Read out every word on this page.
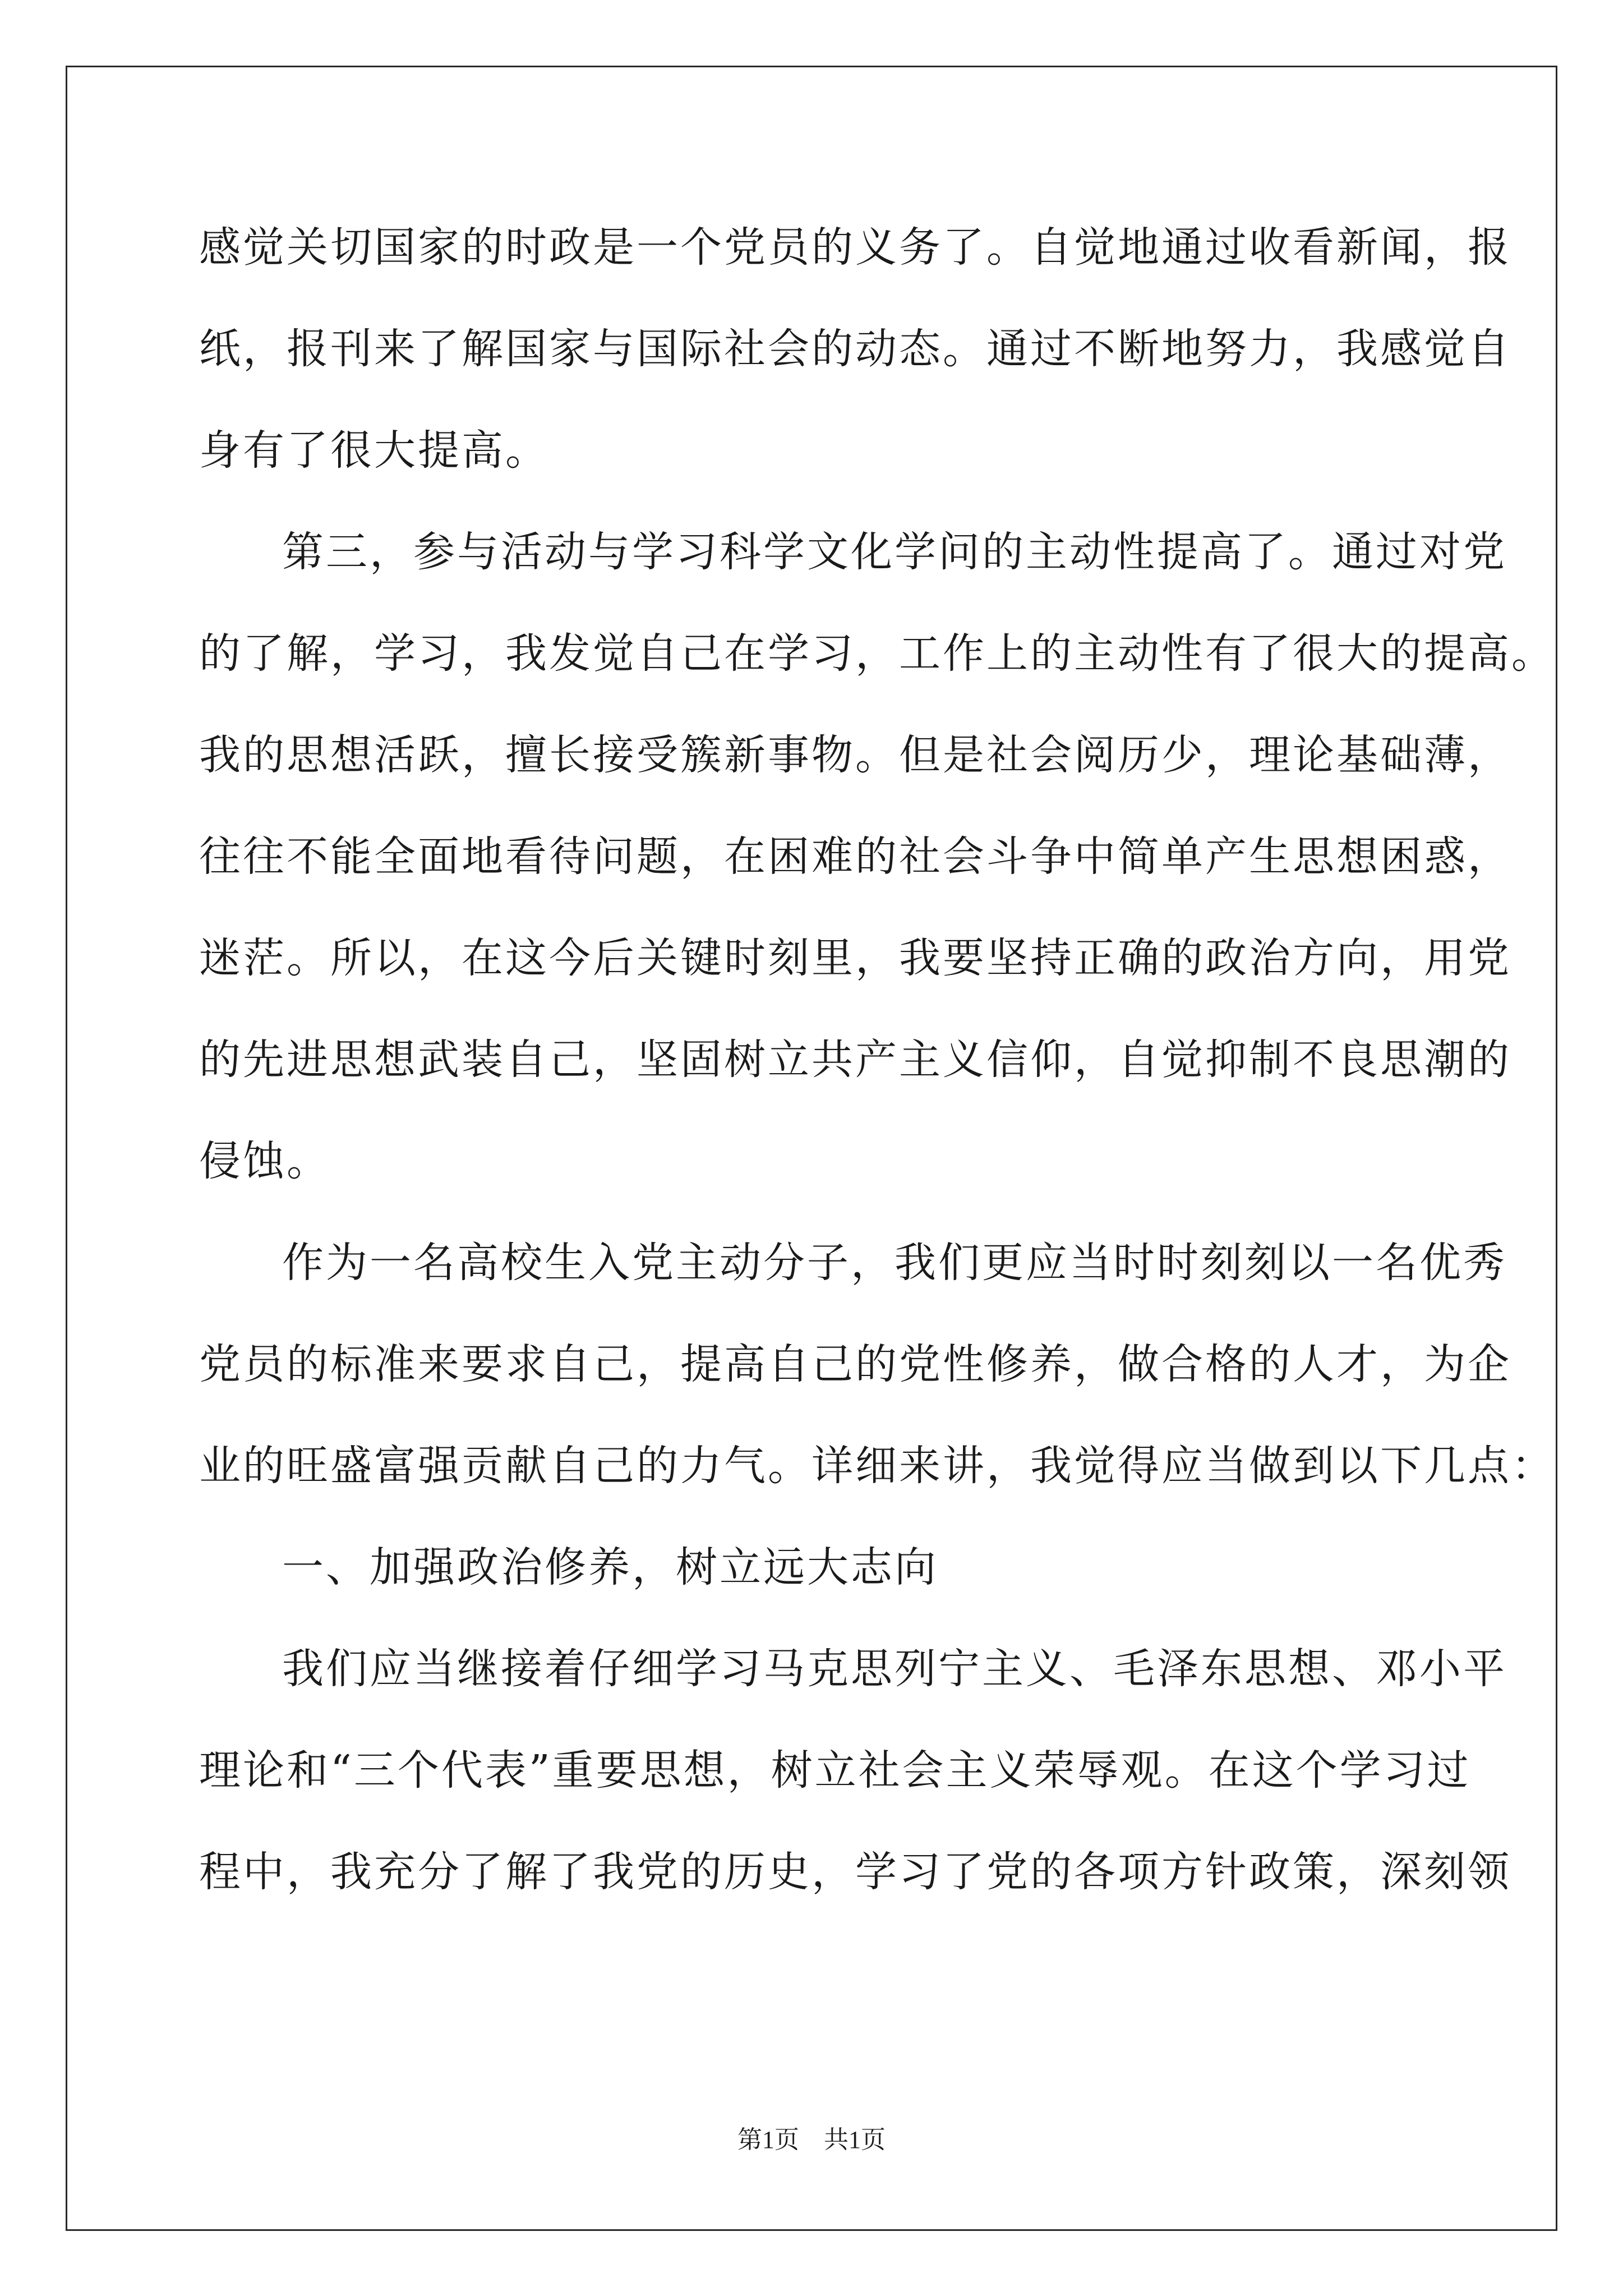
感觉关切国家的时政是一个党员的义务了。自觉地通过收看新闻，报
纸，报刊来了解国家与国际社会的动态。通过不断地努力，我感觉自
身有了很大提高。
第三，参与活动与学习科学文化学问的主动性提高了。通过对党
的了解，学习，我发觉自己在学习，工作上的主动性有了很大的提高。
我的思想活跃，擅长接受簇新事物。但是社会阅历少，理论基础薄，
往往不能全面地看待问题，在困难的社会斗争中简单产生思想困惑，
迷茫。所以，在这今后关键时刻里，我要坚持正确的政治方向，用党
的先进思想武装自己，坚固树立共产主义信仰，自觉抑制不良思潮的
侵蚀。
作为一名高校生入党主动分子，我们更应当时时刻刻以一名优秀
党员的标准来要求自己，提高自己的党性修养，做合格的人才，为企
业的旺盛富强贡献自己的力气。详细来讲，我觉得应当做到以下几点：
一、加强政治修养，树立远大志向
我们应当继接着仔细学习马克思列宁主义、毛泽东思想、邓小平
理论和“三个代表”重要思想，树立社会主义荣辱观。在这个学习过
程中，我充分了解了我党的历史，学习了党的各项方针政策，深刻领
第1页　共1页
